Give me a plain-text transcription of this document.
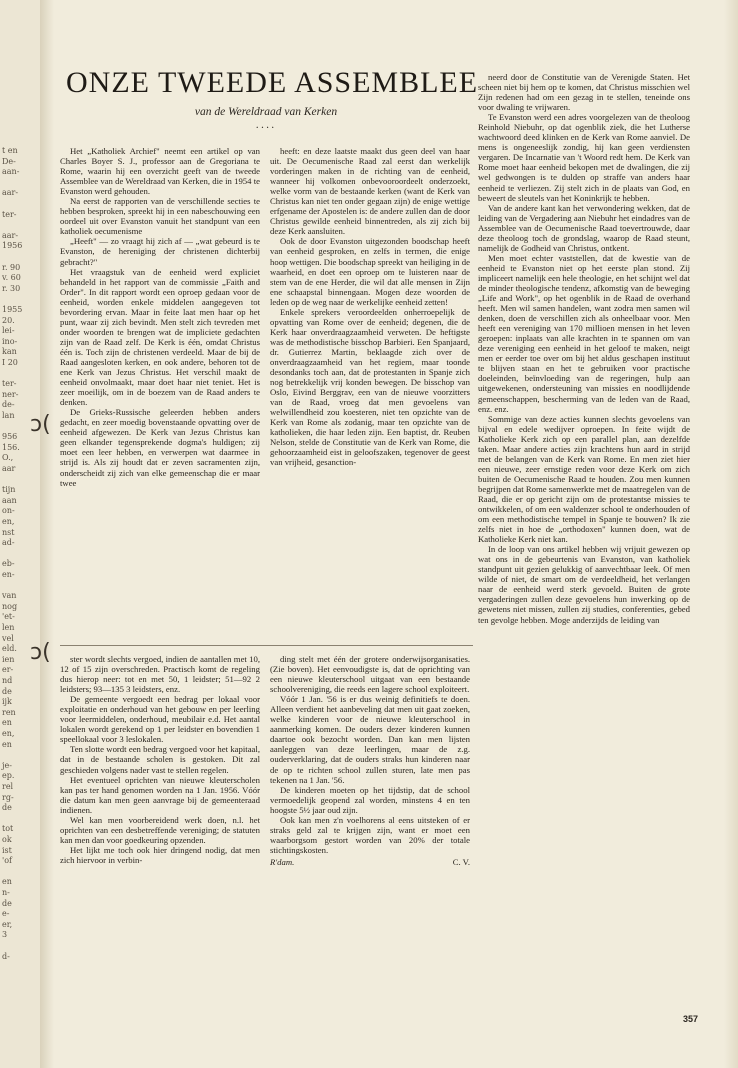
t en
De-
aan-
aar-
ter-
aar-
1956
r. 90
v. 60
r. 30
1955
20.
lei-
ino-
kan
I 20
ter-
ner-
de-
lan
956
156.
O.,
aar
tijn
aan
on-
en,
nst
ad-
eb-
en-
van
nog
'et-
len
vel
eld.
ien
er-
nd
de
ijk
ren
en
en,
en
je-
ep.
rel
rg-
de
tot
ok
ist
'of
en
n-
de
e-
er,
3
d-
ɔ(
ɔ(
ONZE TWEEDE ASSEMBLEE
van de Wereldraad van Kerken
....

Het „Katholiek Archief" neemt een artikel op van Charles Boyer S. J., professor aan de Gregoriana te Rome, waarin hij een overzicht geeft van de tweede Assemblee van de Wereldraad van Kerken, die in 1954 te Evanston werd gehouden.

Na eerst de rapporten van de verschillende secties te hebben besproken, spreekt hij in een nabeschouwing een oordeel uit over Evanston vanuit het standpunt van een katholiek oecumenisme

„Heeft" — zo vraagt hij zich af — „wat gebeurd is te Evanston, de hereniging der christenen dichterbij gebracht?"

Het vraagstuk van de eenheid werd expliciet behandeld in het rapport van de commissie „Faith and Order". In dit rapport wordt een oproep gedaan voor de eenheid, worden enkele middelen aangegeven tot bevordering ervan. Maar in feite laat men haar op het punt, waar zij zich bevindt. Men stelt zich tevreden met onder woorden te brengen wat de impliciete gedachten zijn van de Raad zelf. De Kerk is één, omdat Christus één is. Toch zijn de christenen verdeeld. Maar de bij de Raad aangesloten kerken, en ook andere, behoren tot de ene Kerk van Jezus Christus. Het verschil maakt de eenheid onvolmaakt, maar doet haar niet teniet. Het is zeer moeilijk, om in de boezem van de Raad anders te denken.

De Grieks-Russische geleerden hebben anders gedacht, en zeer moedig bovenstaande opvatting over de eenheid afgewezen. De Kerk van Jezus Christus kan geen elkander tegensprekende dogma's huldigen; zij moet een leer hebben, en verwerpen wat daarmee in strijd is. Als zij houdt dat er zeven sacramenten zijn, onderscheidt zij zich van elke gemeenschap die er maar twee

heeft: en deze laatste maakt dus geen deel van haar uit. De Oecumenische Raad zal eerst dan werkelijk vorderingen maken in de richting van de eenheid, wanneer hij volkomen onbevooroordeelt onderzoekt, welke vorm van de bestaande kerken (want de Kerk van Christus kan niet ten onder gegaan zijn) de enige wettige erfgename der Apostelen is: de andere zullen dan de door Christus gewilde eenheid binnentreden, als zij zich bij deze Kerk aansluiten.

Ook de door Evanston uitgezonden boodschap heeft van eenheid gesproken, en zelfs in termen, die enige hoop wettigen. Die boodschap spreekt van heiliging in de waarheid, en doet een oproep om te luisteren naar de stem van de ene Herder, die wil dat alle mensen in Zijn ene schaapstal binnengaan. Mogen deze woorden de leden op de weg naar de werkelijke eenheid zetten!

Enkele sprekers veroordeelden onherroepelijk de opvatting van Rome over de eenheid; degenen, die de Kerk haar onverdraagzaamheid verweten. De heftigste was de methodistische bisschop Barbieri. Een Spanjaard, dr. Gutierrez Martin, beklaagde zich over de onverdraagzaamheid van het regiem, maar toonde desondanks toch aan, dat de protestanten in Spanje zich nog betrekkelijk vrij konden bewegen. De bisschop van Oslo, Eivind Berggrav, een van de nieuwe voorzitters van de Raad, vroeg dat men gevoelens van welwillendheid zou koesteren, niet ten opzichte van de Kerk van Rome als zodanig, maar ten opzichte van de katholieken, die haar leden zijn. Een baptist, dr. Reuben Nelson, stelde de Constitutie van de Kerk van Rome, die gehoorzaamheid eist in geloofszaken, tegenover de geest van vrijheid, gesanction-

neerd door de Constitutie van de Verenigde Staten. Het scheen niet bij hem op te komen, dat Christus misschien wel Zijn redenen had om een gezag in te stellen, teneinde ons voor dwaling te vrijwaren.

Te Evanston werd een adres voorgelezen van de theoloog Reinhold Niebuhr, op dat ogenblik ziek, die het Lutherse wachtwoord deed klinken en de Kerk van Rome aanviel. De mens is ongeneeslijk zondig, hij kan geen verdiensten vergaren. De Incarnatie van 't Woord redt hem. De Kerk van Rome moet haar eenheid bekopen met de dwalingen, die zij wel gedwongen is te dulden op straffe van anders haar eenheid te verliezen. Zij stelt zich in de plaats van God, en beweert de sleutels van het Koninkrijk te hebben.

Van de andere kant kan het verwondering wekken, dat de leiding van de Vergadering aan Niebuhr het eindadres van de Assemblee van de Oecumenische Raad toevertrouwde, daar deze theoloog toch de grondslag, waarop de Raad steunt, namelijk de Godheid van Christus, ontkent.

Men moet echter vaststellen, dat de kwestie van de eenheid te Evanston niet op het eerste plan stond. Zij impliceert namelijk een hele theologie, en het schijnt wel dat de minder theologische tendenz, afkomstig van de beweging „Life and Work", op het ogenblik in de Raad de overhand heeft. Men wil samen handelen, want zodra men samen wil denken, doen de verschillen zich als onheelbaar voor. Men heeft een vereniging van 170 millioen mensen in het leven geroepen: inplaats van alle krachten in te spannen om van deze vereniging een eenheid in het geloof te maken, neigt men er eerder toe over om bij het aldus geschapen instituut te blijven staan en het te gebruiken voor practische doeleinden, beïnvloeding van de regeringen, hulp aan uitgewekenen, ondersteuning van missies en noodlijdende gemeenschappen, bescherming van de leden van de Raad, enz. enz.

Sommige van deze acties kunnen slechts gevoelens van bijval en edele wedijver oproepen. In feite wijdt de Katholieke Kerk zich op een parallel plan, aan dezelfde taken. Maar andere acties zijn krachtens hun aard in strijd met de belangen van de Kerk van Rome. En men ziet hier een nieuwe, zeer ernstige reden voor deze Kerk om zich buiten de Oecumenische Raad te houden. Zou men kunnen begrijpen dat Rome samenwerkte met de maatregelen van de Raad, die er op gericht zijn om de protestantse missies te ontwikkelen, of om een waldenzer school te onderhouden of om een methodistische tempel in Spanje te bouwen? Ik zie zelfs niet in hoe de „orthodoxen" kunnen doen, wat de Katholieke Kerk niet kan.

In de loop van ons artikel hebben wij vrijuit gewezen op wat ons in de gebeurtenis van Evanston, van katholiek standpunt uit gezien gelukkig of aanvechtbaar leek. Of men wilde of niet, de smart om de verdeeldheid, het verlangen naar de eenheid werd sterk gevoeld. Buiten de grote vergaderingen zullen deze gevoelens hun inwerking op de gewetens niet missen, zullen zij studies, conferenties, gebed ten gevolge hebben. Moge anderzijds de leiding van

ster wordt slechts vergoed, indien de aantallen met 10, 12 of 15 zijn overschreden. Practisch komt de regeling dus hierop neer: tot en met 50, 1 leidster; 51—92 2 leidsters; 93—135 3 leidsters, enz.

De gemeente vergoedt een bedrag per lokaal voor exploitatie en onderhoud van het gebouw en per leerling voor leermiddelen, onderhoud, meubilair e.d. Het aantal lokalen wordt gerekend op 1 per leidster en bovendien 1 speellokaal voor 3 leslokalen.

Ten slotte wordt een bedrag vergoed voor het kapitaal, dat in de bestaande scholen is gestoken. Dit zal geschieden volgens nader vast te stellen regelen.

Het eventueel oprichten van nieuwe kleuterscholen kan pas ter hand genomen worden na 1 Jan. 1956. Vóór die datum kan men geen aanvrage bij de gemeenteraad indienen.

Wel kan men voorbereidend werk doen, n.l. het oprichten van een desbetreffende vereniging; de statuten kan men dan voor goedkeuring opzenden.

Het lijkt me toch ook hier dringend nodig, dat men zich hiervoor in verbin-

ding stelt met één der grotere onderwijsorganisaties. (Zie boven). Het eenvoudigste is, dat de oprichting van een nieuwe kleuterschool uitgaat van een bestaande schoolvereniging, die reeds een lagere school exploiteert.

Vóór 1 Jan. '56 is er dus weinig definitiefs te doen. Alleen verdient het aanbeveling dat men uit gaat zoeken, welke kinderen voor de nieuwe kleuterschool in aanmerking komen. De ouders dezer kinderen kunnen daartoe ook bezocht worden. Dan kan men lijsten aanleggen van deze leerlingen, maar de z.g. ouderverklaring, dat de ouders straks hun kinderen naar de op te richten school zullen sturen, late men pas tekenen na 1 Jan. '56.

De kinderen moeten op het tijdstip, dat de school vermoedelijk geopend zal worden, minstens 4 en ten hoogste 5½ jaar oud zijn.

Ook kan men z'n voelhorens al eens uitsteken of er straks geld zal te krijgen zijn, want er moet een waarborgsom gestort worden van 20% der totale stichtingskosten.

R'dam.	C. V.
357
